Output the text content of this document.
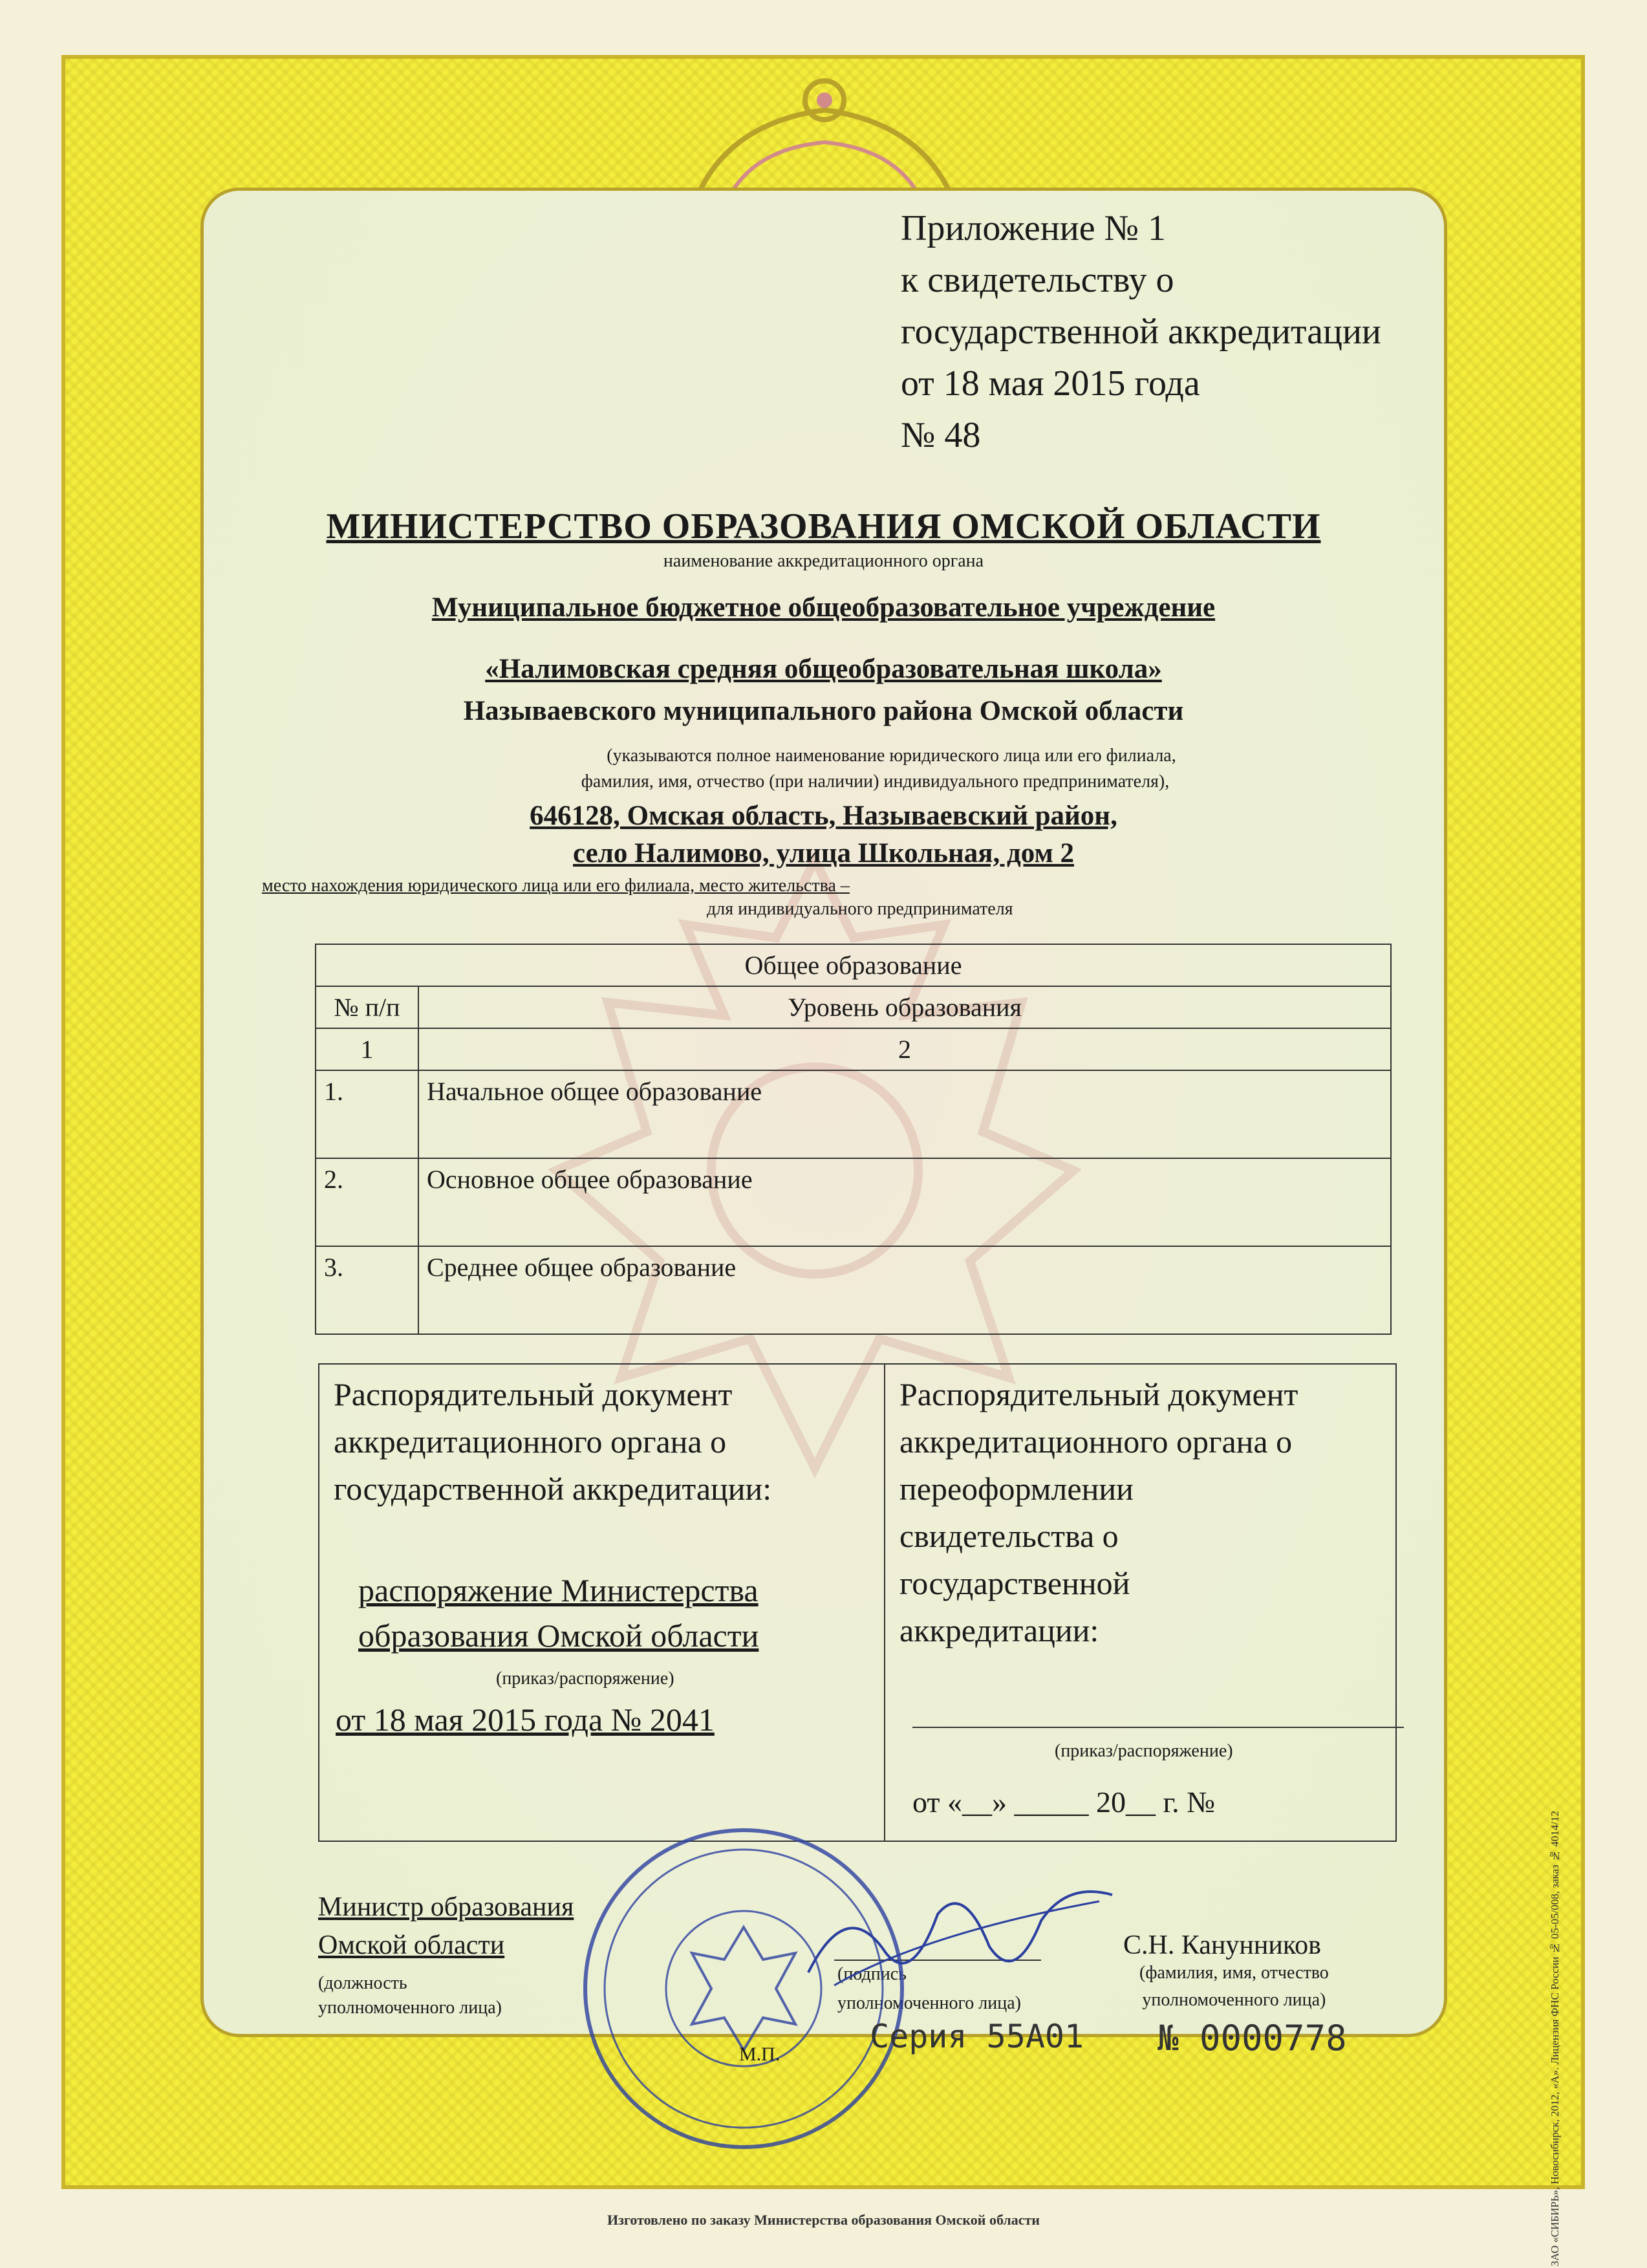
Приложение № 1
к свидетельству о
государственной аккредитации
от 18 мая 2015 года
№ 48
МИНИСТЕРСТВО ОБРАЗОВАНИЯ ОМСКОЙ ОБЛАСТИ
наименование аккредитационного органа
Муниципальное бюджетное общеобразовательное учреждение
«Налимовская средняя общеобразовательная школа»
Называевского муниципального района Омской области
(указываются полное наименование юридического лица или его филиала,
фамилия, имя, отчество (при наличии) индивидуального предпринимателя),
646128, Омская область, Называевский район,
село Налимово, улица Школьная, дом 2
место нахождения юридического лица или его филиала, место жительства –
для индивидуального предпринимателя
Общее образование	
№ п/п	Уровень образования
1	2
1.	Начальное общее образование
2.	Основное общее образование
3.	Среднее общее образование
Распорядительный документ
аккредитационного органа о
государственной аккредитации:
распоряжение Министерства
образования Омской области
(приказ/распоряжение)
от 18 мая 2015 года № 2041
Распорядительный документ
аккредитационного органа о
переоформлении
свидетельства о
государственной
аккредитации:
(приказ/распоряжение)
от «__» _____ 20__ г. №
Министр образования
Омской области
(должность
уполномоченного лица)
(подпись
уполномоченного лица)
С.Н. Канунников
(фамилия, имя, отчество
уполномоченного лица)
М.П.	Серия 55А01 № 0000778
Изготовлено по заказу Министерства образования Омской области	ЗАО «СИБИРЬ», Новосибирск, 2012, «А». Лицензия ФНС России № 05-05/008, заказ № 4014/12
